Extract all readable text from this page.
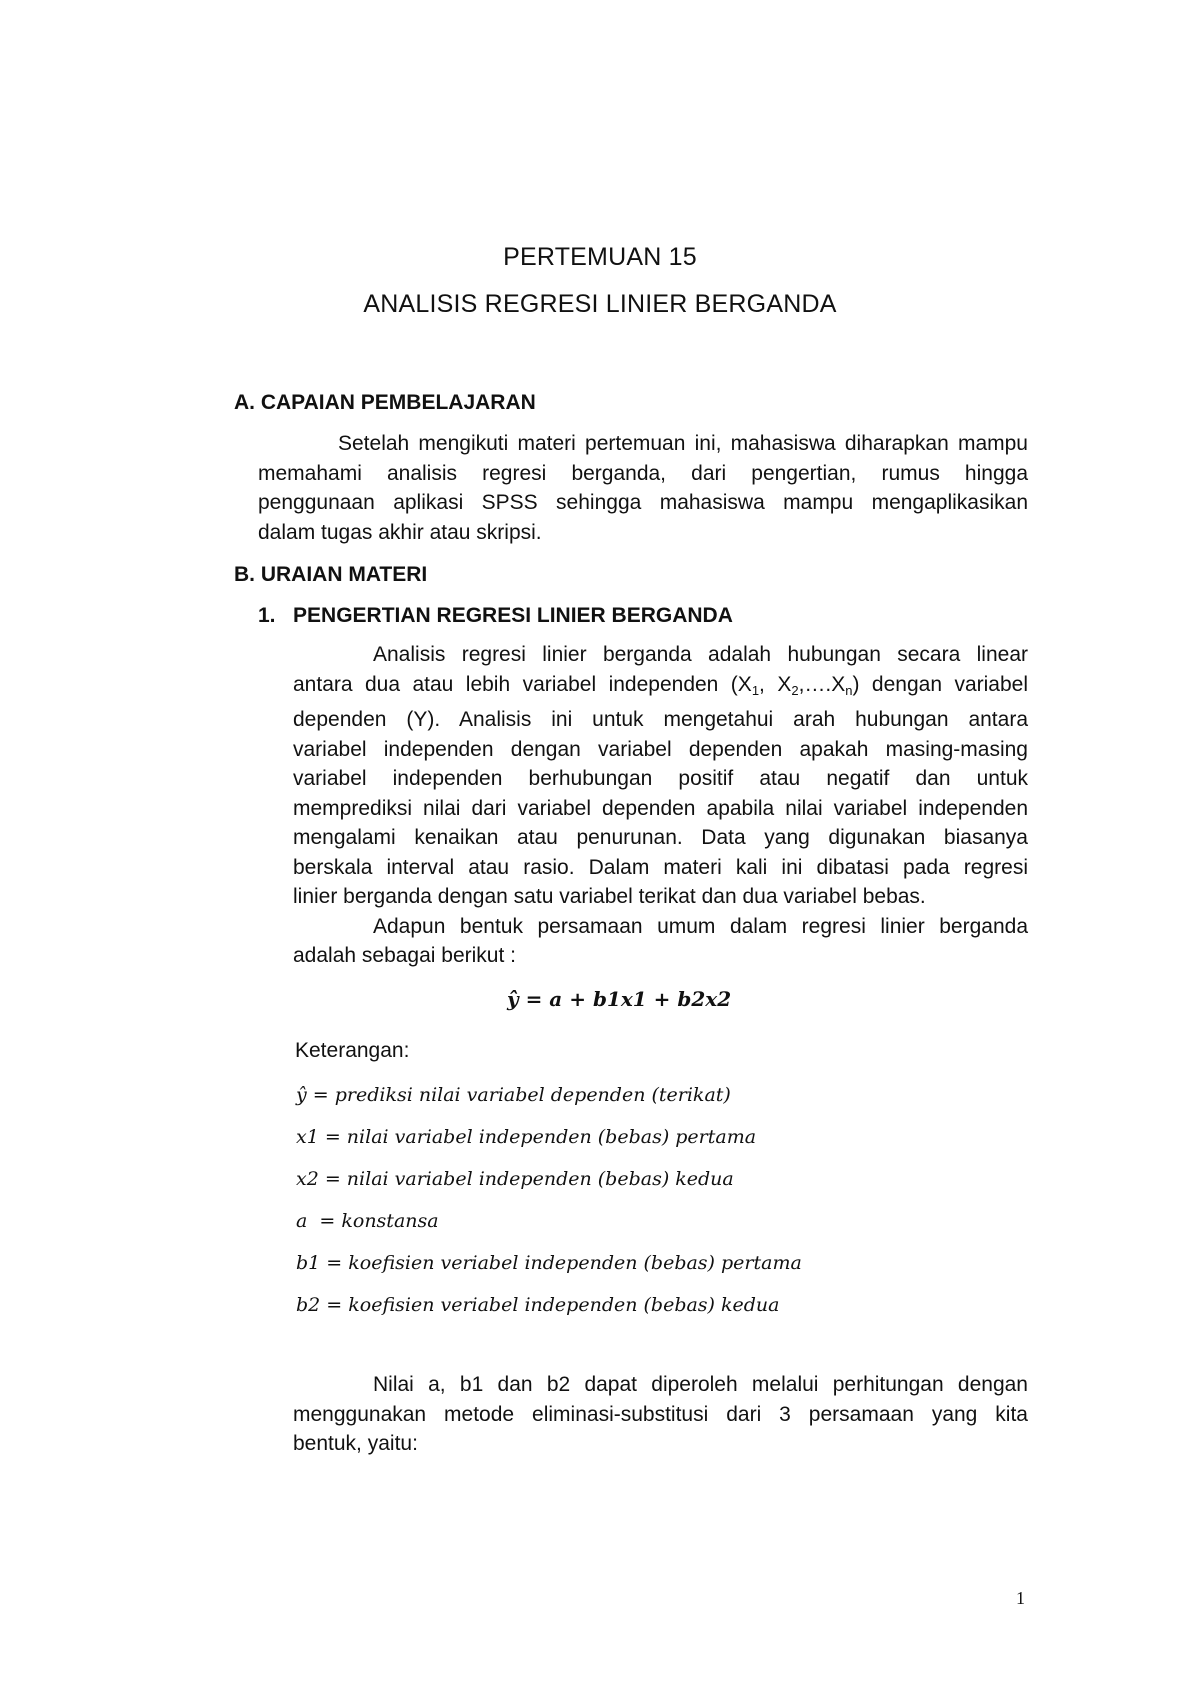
PERTEMUAN 15
ANALISIS REGRESI LINIER BERGANDA
A. CAPAIAN PEMBELAJARAN
Setelah mengikuti materi pertemuan ini, mahasiswa diharapkan mampu
memahami analisis regresi berganda, dari pengertian, rumus hingga
penggunaan aplikasi SPSS sehingga mahasiswa mampu mengaplikasikan
dalam tugas akhir atau skripsi.
B. URAIAN MATERI
1.   PENGERTIAN REGRESI LINIER BERGANDA
Analisis regresi linier berganda adalah hubungan secara linear
antara dua atau lebih variabel independen ($X_1$, $X_2,\dots.X_n$) dengan variabel
dependen (Y). Analisis ini untuk mengetahui arah hubungan antara
variabel independen dengan variabel dependen apakah masing-masing
variabel independen berhubungan positif atau negatif dan untuk
memprediksi nilai dari variabel dependen apabila nilai variabel independen
mengalami kenaikan atau penurunan. Data yang digunakan biasanya
berskala interval atau rasio. Dalam materi kali ini dibatasi pada regresi
linier berganda dengan satu variabel terikat dan dua variabel bebas.
Adapun bentuk persamaan umum dalam regresi linier berganda
adalah sebagai berikut :
ŷ = a + b1x1 + b2x2
Keterangan:
ŷ = prediksi nilai variabel dependen (terikat)
x1 = nilai variabel independen (bebas) pertama
x2 = nilai variabel independen (bebas) kedua
a  = konstansa
b1 = koefisien veriabel independen (bebas) pertama
b2 = koefisien veriabel independen (bebas) kedua
Nilai a, b1 dan b2 dapat diperoleh melalui perhitungan dengan
menggunakan metode eliminasi-substitusi dari 3 persamaan yang kita
bentuk, yaitu:
1
